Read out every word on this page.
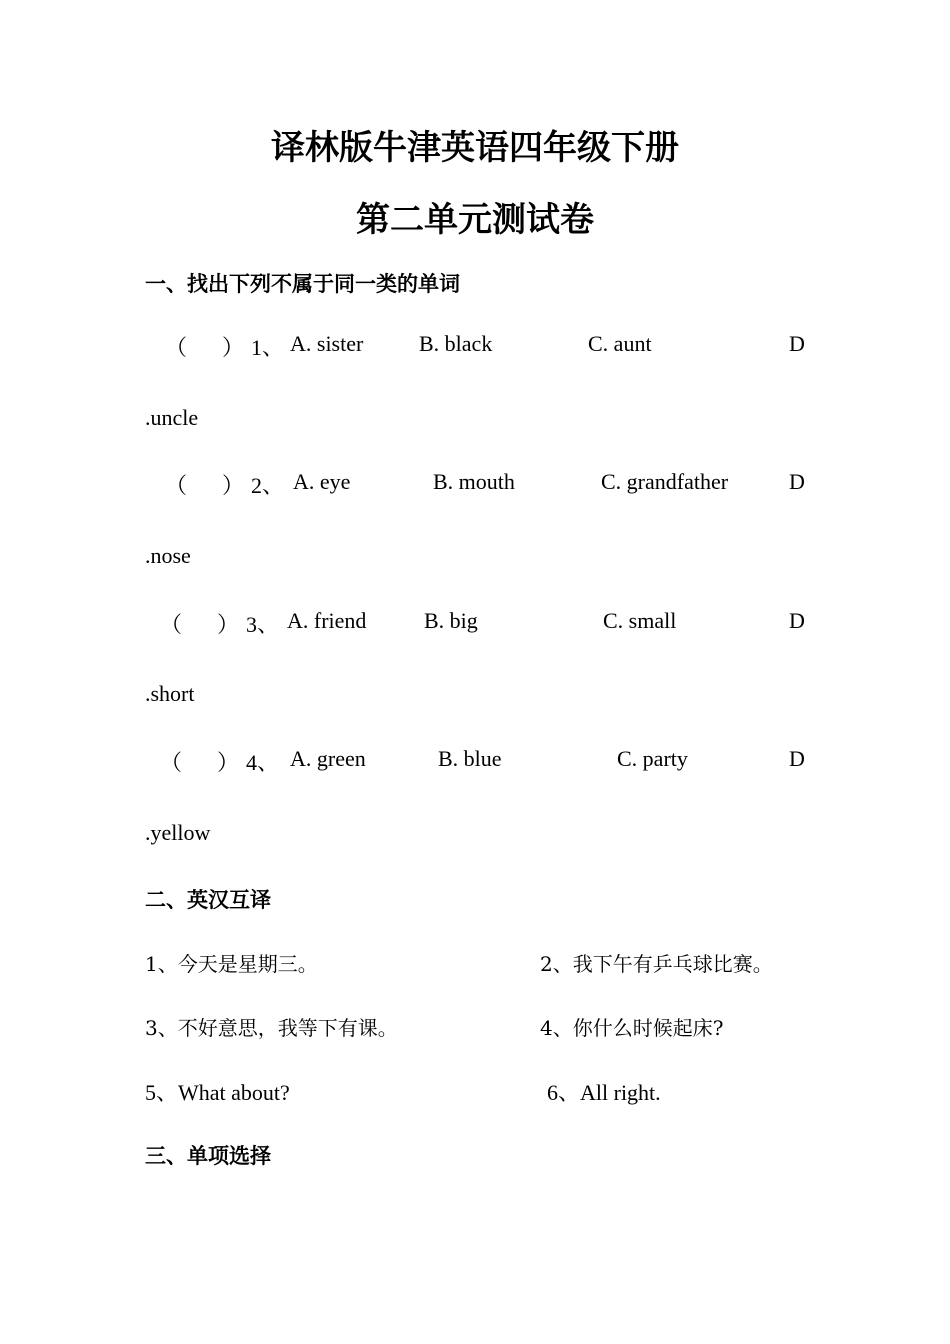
译林版牛津英语四年级下册
第二单元测试卷
一、找出下列不属于同一类的单词
（ ） 1、 A. sister	B. black	C. aunt	D
.uncle
（ ） 2、 A. eye	B. mouth	C. grandfather	D
.nose
（ ） 3、 A. friend	B. big	C. small	D
.short
（ ） 4、 A. green	B. blue	C. party	D
.yellow
二、英汉互译
1、今天是星期三。	2、我下午有乒乓球比赛。
3、不好意思，我等下有课。	4、你什么时候起床?
5、What about?	6、All right.
三、单项选择
